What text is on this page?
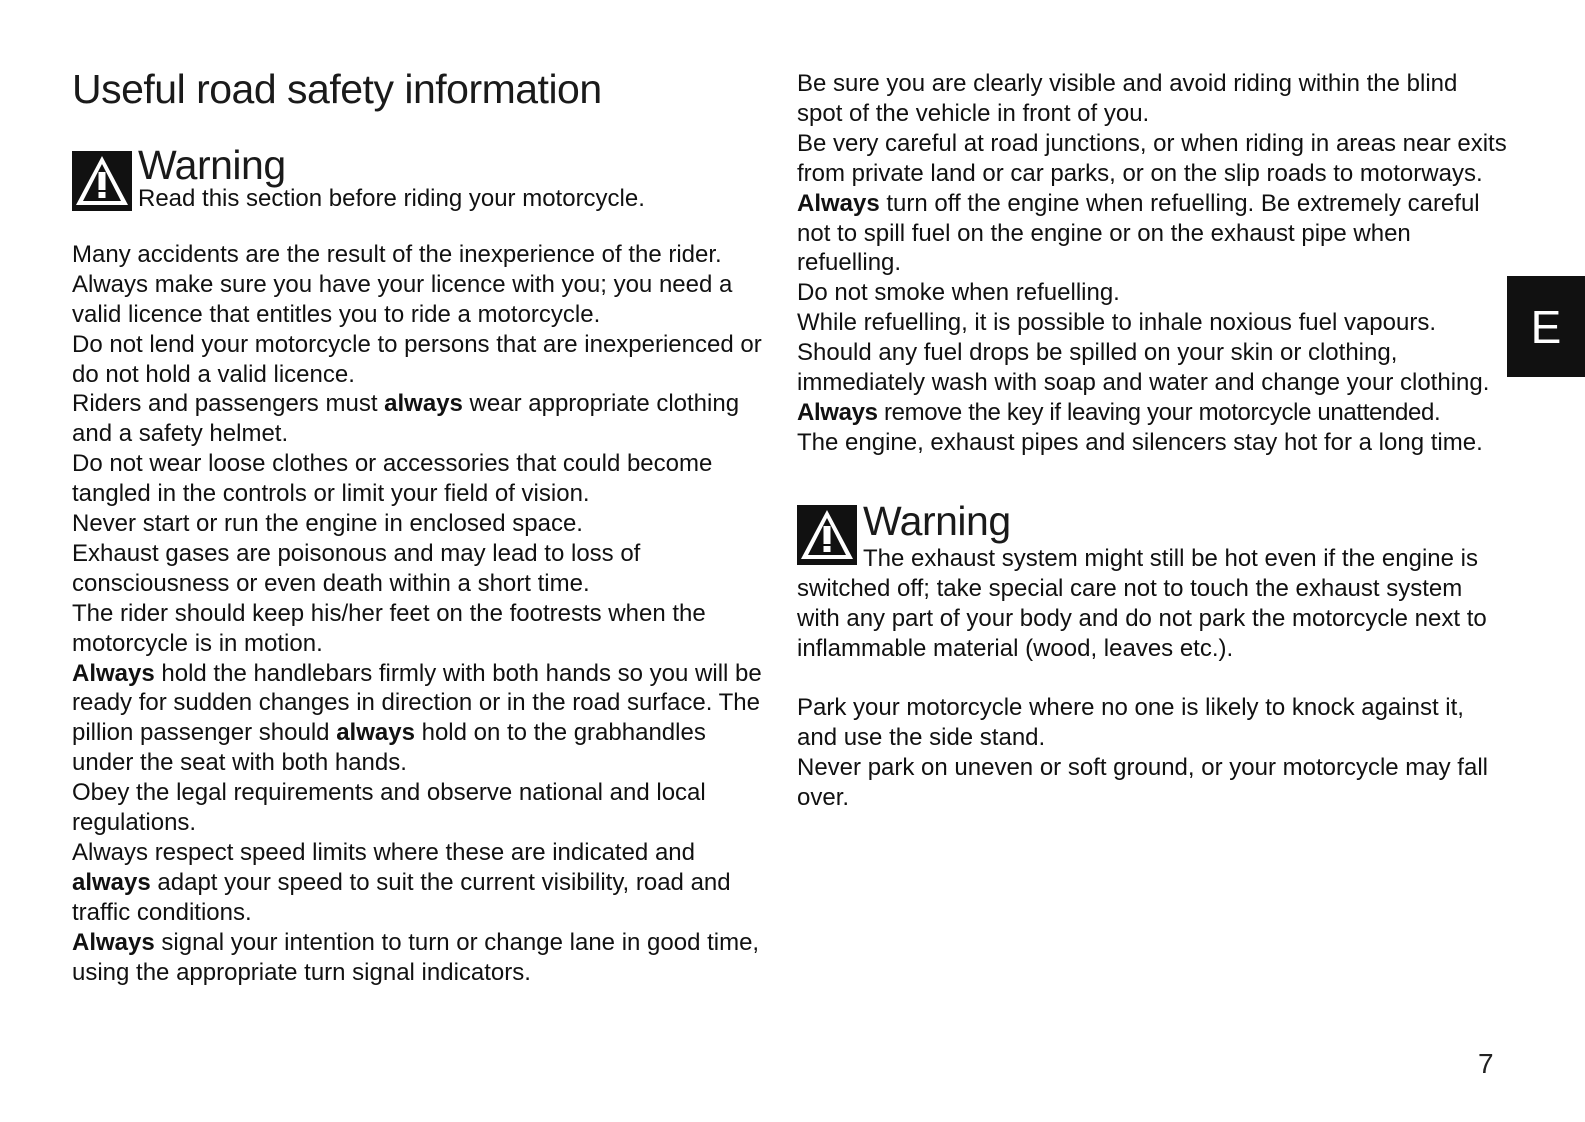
Useful road safety information
Warning
Read this section before riding your motorcycle.

Many accidents are the result of the inexperience of the rider. Always make sure you have your licence with you; you need a valid licence that entitles you to ride a motorcycle.

Do not lend your motorcycle to persons that are inexperienced or do not hold a valid licence.

Riders and passengers must always wear appropriate clothing and a safety helmet.

Do not wear loose clothes or accessories that could become tangled in the controls or limit your field of vision.

Never start or run the engine in enclosed space.

Exhaust gases are poisonous and may lead to loss of consciousness or even death within a short time.

The rider should keep his/her feet on the footrests when the motorcycle is in motion.

Always hold the handlebars firmly with both hands so you will be ready for sudden changes in direction or in the road surface. The pillion passenger should always hold on to the grabhandles under the seat with both hands.

Obey the legal requirements and observe national and local regulations.

Always respect speed limits where these are indicated and always adapt your speed to suit the current visibility, road and traffic conditions.

Always signal your intention to turn or change lane in good time, using the appropriate turn signal indicators.

Be sure you are clearly visible and avoid riding within the blind spot of the vehicle in front of you.

Be very careful at road junctions, or when riding in areas near exits from private land or car parks, or on the slip roads to motorways.

Always turn off the engine when refuelling. Be extremely careful not to spill fuel on the engine or on the exhaust pipe when refuelling.

Do not smoke when refuelling.

While refuelling, it is possible to inhale noxious fuel vapours. Should any fuel drops be spilled on your skin or clothing, immediately wash with soap and water and change your clothing.

Always remove the key if leaving your motorcycle unattended.

The engine, exhaust pipes and silencers stay hot for a long time.

Warning

The exhaust system might still be hot even if the engine is switched off; take special care not to touch the exhaust system with any part of your body and do not park the motorcycle next to inflammable material (wood, leaves etc.).

Park your motorcycle where no one is likely to knock against it, and use the side stand.

Never park on uneven or soft ground, or your motorcycle may fall over.

E
7
